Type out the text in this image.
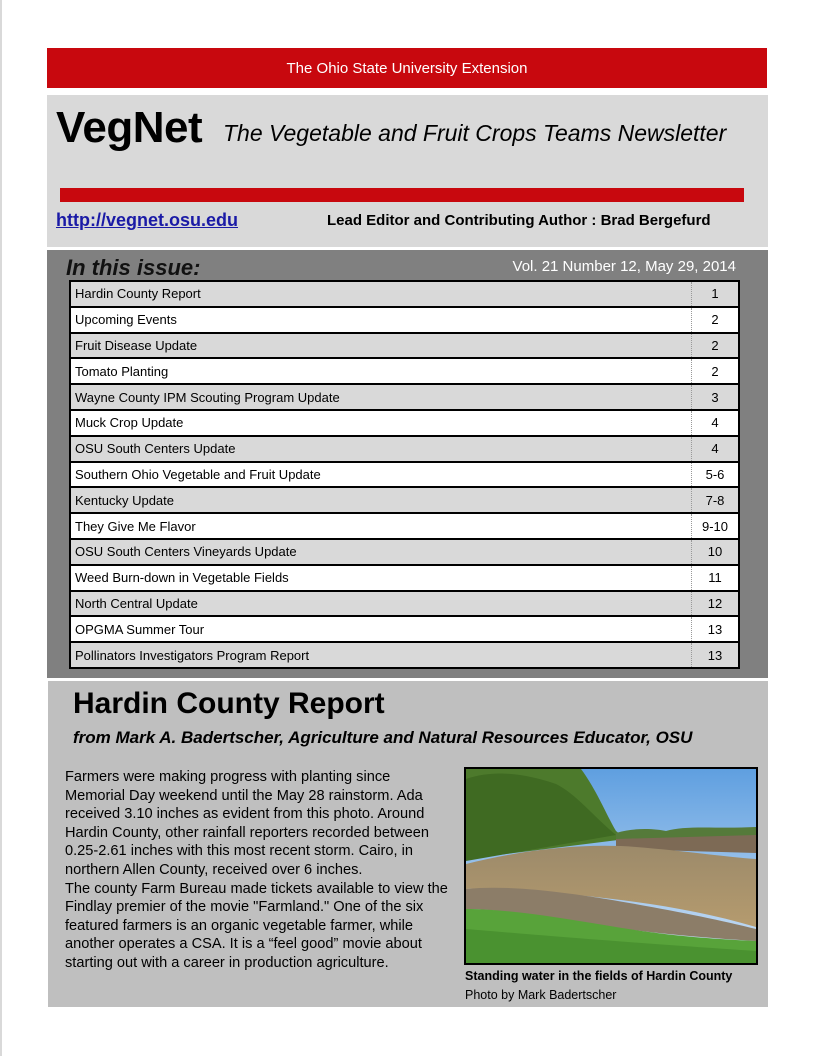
The Ohio State University Extension
VegNet The Vegetable and Fruit Crops Teams Newsletter
http://vegnet.osu.edu	Lead Editor and Contributing Author : Brad Bergefurd
In this issue:	Vol. 21 Number 12, May 29, 2014
Hardin County Report	1
Upcoming Events	2
Fruit Disease Update	2
Tomato Planting	2
Wayne County IPM Scouting Program Update	3
Muck Crop Update	4
OSU South Centers Update	4
Southern Ohio Vegetable and Fruit Update	5-6
Kentucky Update	7-8
They Give Me Flavor	9-10
OSU South Centers Vineyards Update	10
Weed Burn-down in Vegetable Fields	11
North Central Update	12
OPGMA Summer Tour	13
Pollinators Investigators Program Report	13
Hardin County Report
from Mark A. Badertscher, Agriculture and Natural Resources Educator, OSU

Farmers were making progress with planting since Memorial Day weekend until the May 28 rainstorm. Ada received 3.10 inches as evident from this photo. Around Hardin County, other rainfall reporters recorded between 0.25-2.61 inches with this most recent storm. Cairo, in northern Allen County, received over 6 inches.

The county Farm Bureau made tickets available to view the Findlay premier of the movie "Farmland." One of the six featured farmers is an organic vegetable farmer, while another operates a CSA. It is a “feel good” movie about starting out with a career in production agriculture.

Standing water in the fields of Hardin County
Photo by Mark Badertscher
